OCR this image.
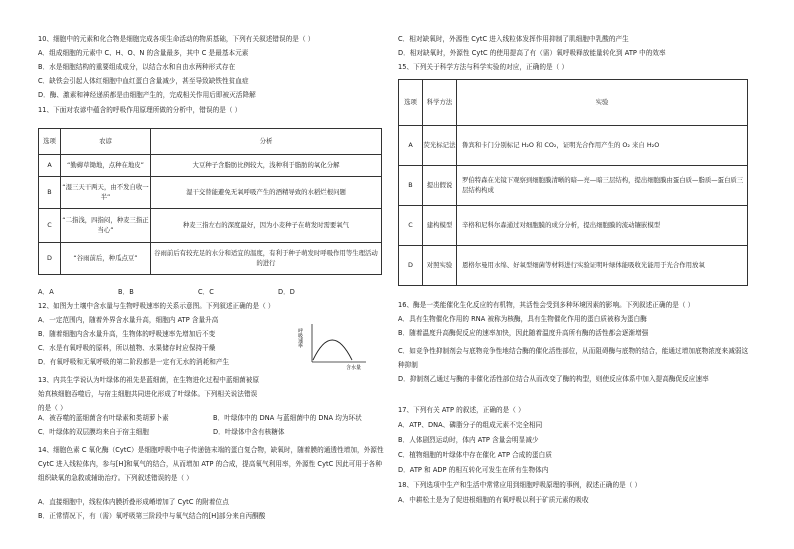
10、细胞中的元素和化合物是细胞完成各项生命活动的物质基础，下列有关叙述错误的是（ ）
A．组成细胞的元素中 C、H、O、N 的含量最多，其中 C 是最基本元素
B．水是细胞结构的重要组成成分，以结合水和自由水两种形式存在
C．缺铁会引起人体红细胞中血红蛋白含量减少，甚至导致缺铁性贫血症
D．酶、激素和神经递质都是由细胞产生的，完成相关作用后即被灭活降解
11、下面对农谚中蕴含的呼吸作用原理所做的分析中，错误的是（ ）
选项	农谚	分析
A	“勤薅草锄地，点种在地皮”	大豆种子含脂肪比例较大，浅种利于脂肪的氧化分解
B	“湿三天干两天，由不发自收一半”	湿干交替能避免无氧呼吸产生的酒精导致的水稻烂根问题
C	“二指浅，四指闷，种麦三指正当心”	种麦三指左右的深度最好，因为小麦种子在萌发时需要氧气
D	“谷雨前后，种瓜点豆”	谷雨前后有较充足的水分和适宜的温度，有利于种子萌发时呼吸作用等生理活动的进行
A．A	B．B	C．C	D．D
12、如图为土壤中含水量与生物呼吸速率的关系示意图。下列叙述正确的是（ ）
A．一定范围内，随着外界含水量升高，细胞内 ATP 含量升高
B．随着细胞内含水量升高，生物体的呼吸速率先增加后不变
C．水是有氧呼吸的原料，所以植物、水果储存时应保持干燥
D．有氧呼吸和无氧呼吸的第二阶段都是一定有无水的消耗和产生
呼吸速率
含水量
13、内共生学说认为叶绿体的祖先是蓝细菌，在生物进化过程中蓝细菌被原始真核细胞吞噬后，与宿主细胞共同进化形成了叶绿体。下列相关说法错误的是（ ）
A．被吞噬的蓝细菌含有叶绿素和类胡萝卜素	B．叶绿体中的 DNA 与蓝细菌中的 DNA 均为环状
C．叶绿体的双层膜均来自于宿主细胞	D．叶绿体中含有核糖体
14、细胞色素 C 氧化酶（CytC）是细胞呼吸中电子传递链末端的蛋白复合物，缺氧时，随着膜的通透性增加，外源性 CytC 进入线粒体内，参与[H]和氧气的结合，从而增加 ATP 的合成，提高氧气利用率，外源性 CytC 因此可用于各种组织缺氧的急救或辅助治疗。下列叙述错误的是（ ）
A．直接细胞中，线粒体内膜折叠形成嵴增加了 CytC 的附着位点
B．正常情况下，有（需）氧呼吸第三阶段中与氧气结合的[H]部分来自丙酮酸
C．相对缺氧时，外源性 CytC 进入线粒体发挥作用抑制了肌细胞中乳酸的产生
D．相对缺氧时，外源性 CytC 的使用提高了有（需）氧呼吸释放能量转化到 ATP 中的效率
15、下列关于科学方法与科学实验的对应，正确的是（ ）
选项	科学方法	实验
A	荧光标记法	鲁宾和卡门分别标记 H₂O 和 CO₂，证明光合作用产生的 O₂ 来自 H₂O
B	提出假说	罗伯特森在光镜下观察到细胞膜清晰的暗—亮—暗三层结构，提出细胞膜由蛋白质—脂质—蛋白质三层结构构成
C	建构模型	辛格和尼科尔森通过对细胞膜的成分分析，提出细胞膜的流动镶嵌模型
D	对照实验	恩格尔曼用水绵、好氧型细菌等材料进行实验证明叶绿体能吸收光能用于光合作用放氧
16、酶是一类能催化生化反应的有机物，其活性会受到多种环境因素的影响。下列叙述正确的是（ ）
A．具有生物催化作用的 RNA 被称为核酶，具有生物催化作用的蛋白质被称为蛋白酶
B．随着温度升高酶促反应的速率加快，因此随着温度升高所有酶的活性都会逐渐增强
C．如竞争性抑制剂会与底物竞争性地结合酶的催化活性部位，从而阻碍酶与底物的结合，能通过增加底物浓度来减弱这种抑制
D．抑制剂乙通过与酶的非催化活性部位结合从而改变了酶的构型，则使反应体系中加入提高酶促反应速率
17、下列有关 ATP 的叙述，正确的是（ ）
A．ATP、DNA、磷脂分子的组成元素不完全相同
B．人体剧烈运动时，体内 ATP 含量会明显减少
C．植物细胞的叶绿体中存在催化 ATP 合成的蛋白质
D．ATP 和 ADP 的相互转化可发生在所有生物体内
18、下列选项中生产和生活中常常应用到细胞呼吸原理的事例，叙述正确的是（ ）
A．中耕松土是为了促进根细胞的有氧呼吸以利于矿质元素的吸收
